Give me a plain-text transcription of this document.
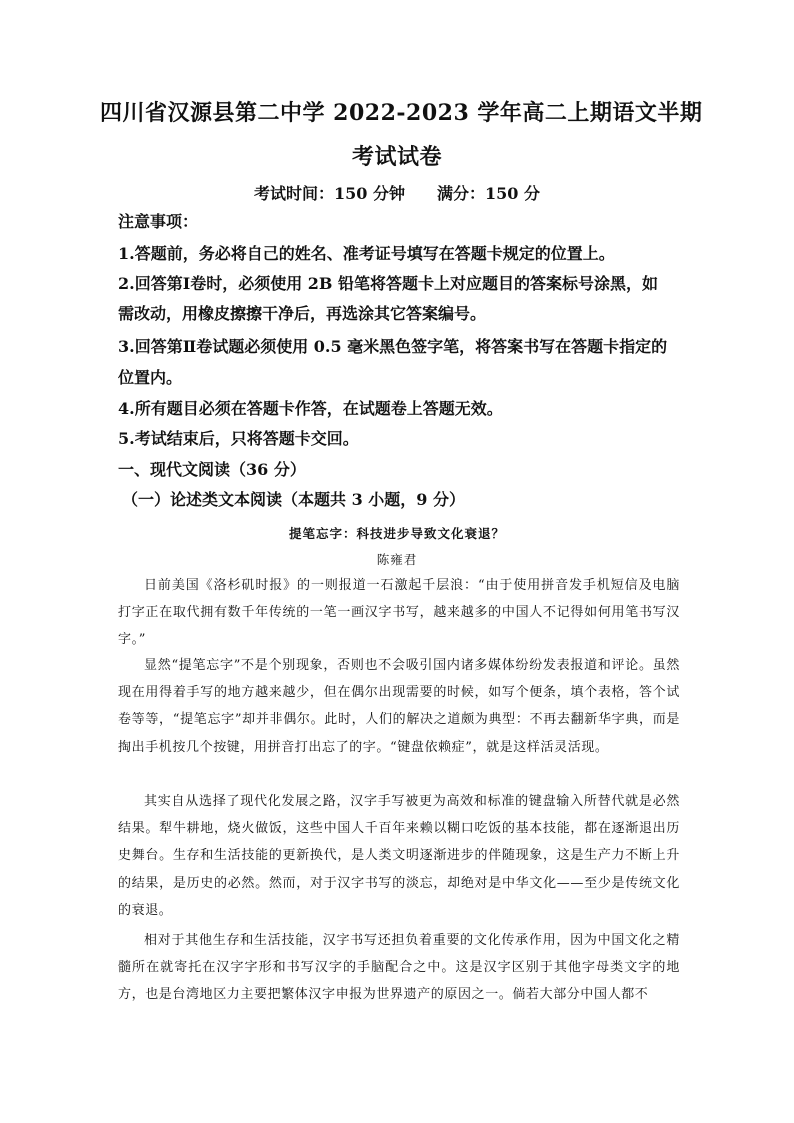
四川省汉源县第二中学 2022-2023 学年高二上期语文半期
考试试卷
考试时间：150 分钟 满分：150 分
注意事项：
1.答题前，务必将自己的姓名、准考证号填写在答题卡规定的位置上。
2.回答第Ⅰ卷时，必须使用 2B 铅笔将答题卡上对应题目的答案标号涂黑，如
需改动，用橡皮擦擦干净后，再选涂其它答案编号。
3.回答第Ⅱ卷试题必须使用 0.5 毫米黑色签字笔，将答案书写在答题卡指定的
位置内。
4.所有题目必须在答题卡作答，在试题卷上答题无效。
5.考试结束后，只将答题卡交回。
一、现代文阅读（36 分）
（一）论述类文本阅读（本题共 3 小题，9 分）
提笔忘字：科技进步导致文化衰退？
陈雍君

日前美国《洛杉矶时报》的一则报道一石激起千层浪：“由于使用拼音发手机短信及电脑打字正在取代拥有数千年传统的一笔一画汉字书写，越来越多的中国人不记得如何用笔书写汉字。”

显然“提笔忘字”不是个别现象，否则也不会吸引国内诸多媒体纷纷发表报道和评论。虽然现在用得着手写的地方越来越少，但在偶尔出现需要的时候，如写个便条，填个表格，答个试卷等等，“提笔忘字”却并非偶尔。此时，人们的解决之道颇为典型：不再去翻新华字典，而是掏出手机按几个按键，用拼音打出忘了的字。“键盘依赖症”，就是这样活灵活现。

其实自从选择了现代化发展之路，汉字手写被更为高效和标准的键盘输入所替代就是必然结果。犁牛耕地，烧火做饭，这些中国人千百年来赖以糊口吃饭的基本技能，都在逐渐退出历史舞台。生存和生活技能的更新换代，是人类文明逐渐进步的伴随现象，这是生产力不断上升的结果，是历史的必然。然而，对于汉字书写的淡忘，却绝对是中华文化——至少是传统文化的衰退。

相对于其他生存和生活技能，汉字书写还担负着重要的文化传承作用，因为中国文化之精髓所在就寄托在汉字字形和书写汉字的手脑配合之中。这是汉字区别于其他字母类文字的地方，也是台湾地区力主要把繁体汉字申报为世界遗产的原因之一。倘若大部分中国人都不
